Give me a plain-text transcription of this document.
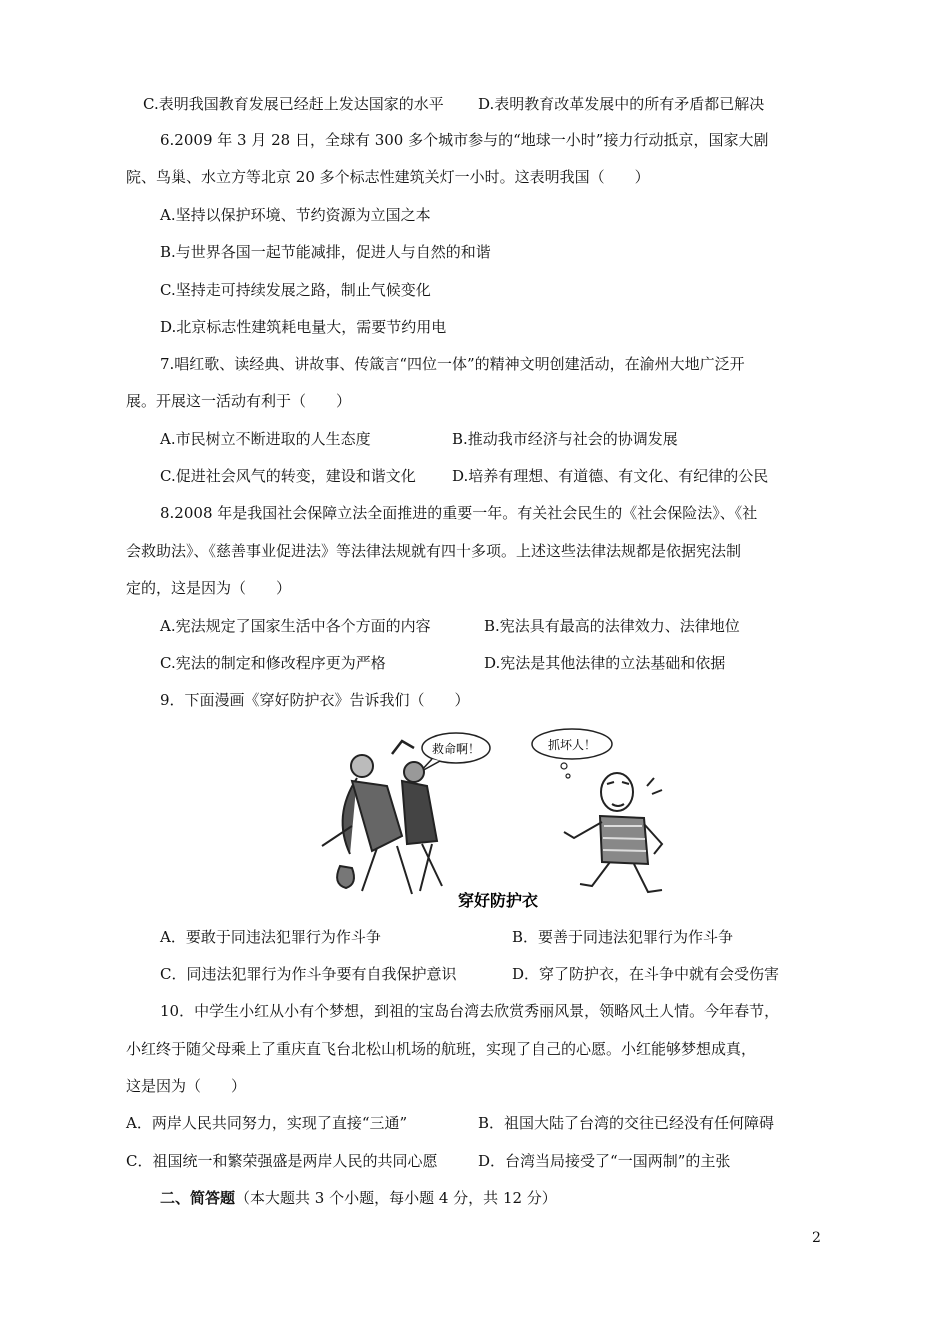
C.表明我国教育发展已经赶上发达国家的水平 D.表明教育改革发展中的所有矛盾都已解决
6.2009 年 3 月 28 日，全球有 300 多个城市参与的“地球一小时”接力行动抵京，国家大剧
院、鸟巢、水立方等北京 20 多个标志性建筑关灯一小时。这表明我国（　　）
A.坚持以保护环境、节约资源为立国之本
B.与世界各国一起节能减排，促进人与自然的和谐
C.坚持走可持续发展之路，制止气候变化
D.北京标志性建筑耗电量大，需要节约用电
7.唱红歌、读经典、讲故事、传箴言“四位一体”的精神文明创建活动，在渝州大地广泛开
展。开展这一活动有利于（　　）
A.市民树立不断进取的人生态度	B.推动我市经济与社会的协调发展
C.促进社会风气的转变，建设和谐文化 D.培养有理想、有道德、有文化、有纪律的公民
8.2008 年是我国社会保障立法全面推进的重要一年。有关社会民生的《社会保险法》、《社
会救助法》、《慈善事业促进法》等法律法规就有四十多项。上述这些法律法规都是依据宪法制
定的，这是因为（　　）
A.宪法规定了国家生活中各个方面的内容	B.宪法具有最高的法律效力、法律地位
C.宪法的制定和修改程序更为严格	D.宪法是其他法律的立法基础和依据
9．下面漫画《穿好防护衣》告诉我们（　　）
救命啊！	抓坏人！
穿好防护衣
A．要敢于同违法犯罪行为作斗争	B．要善于同违法犯罪行为作斗争
C．同违法犯罪行为作斗争要有自我保护意识	D．穿了防护衣，在斗争中就有会受伤害
10．中学生小红从小有个梦想，到祖的宝岛台湾去欣赏秀丽风景，领略风土人情。今年春节，
小红终于随父母乘上了重庆直飞台北松山机场的航班，实现了自己的心愿。小红能够梦想成真，
这是因为（　　）
A．两岸人民共同努力，实现了直接“三通”	B．祖国大陆了台湾的交往已经没有任何障碍
C．祖国统一和繁荣强盛是两岸人民的共同心愿	D．台湾当局接受了“一国两制”的主张
二、简答题（本大题共 3 个小题，每小题 4 分，共 12 分）
2
